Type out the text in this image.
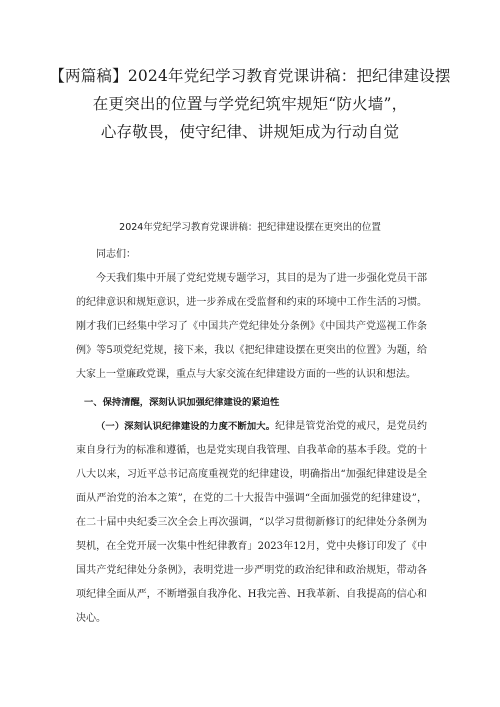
【两篇稿】2024年党纪学习教育党课讲稿：把纪律建设摆
在更突出的位置与学党纪筑牢规矩“防火墙”，
心存敬畏，使守纪律、讲规矩成为行动自觉
2024年党纪学习教育党课讲稿：把纪律建设摆在更突出的位置

同志们：

今天我们集中开展了党纪党规专题学习，其目的是为了进一步强化党员干部的纪律意识和规矩意识，进一步养成在受监督和约束的环境中工作生活的习惯。刚才我们已经集中学习了《中国共产党纪律处分条例》《中国共产党巡视工作条例》等5项党纪党规，接下来，我以《把纪律建设摆在更突出的位置》为题，给大家上一堂廉政党课，重点与大家交流在纪律建设方面的一些的认识和想法。

一、保持清醒，深刻认识加强纪律建设的紧迫性

（一）深刻认识纪律建设的力度不断加大。纪律是管党治党的戒尺，是党员约束自身行为的标准和遵循，也是党实现自我管理、自我革命的基本手段。党的十八大以来，习近平总书记高度重视党的纪律建设，明确指出“加强纪律建设是全面从严治党的治本之策”，在党的二十大报告中强调“全面加强党的纪律建设”，在二十届中央纪委三次全会上再次强调，“以学习贯彻新修订的纪律处分条例为契机，在全党开展一次集中性纪律教育」2023年12月，党中央修订印发了《中国共产党纪律处分条例》，表明党进一步严明党的政治纪律和政治规矩，带动各项纪律全面从严，不断增强自我净化、H我完善、H我革新、自我提高的信心和决心。
